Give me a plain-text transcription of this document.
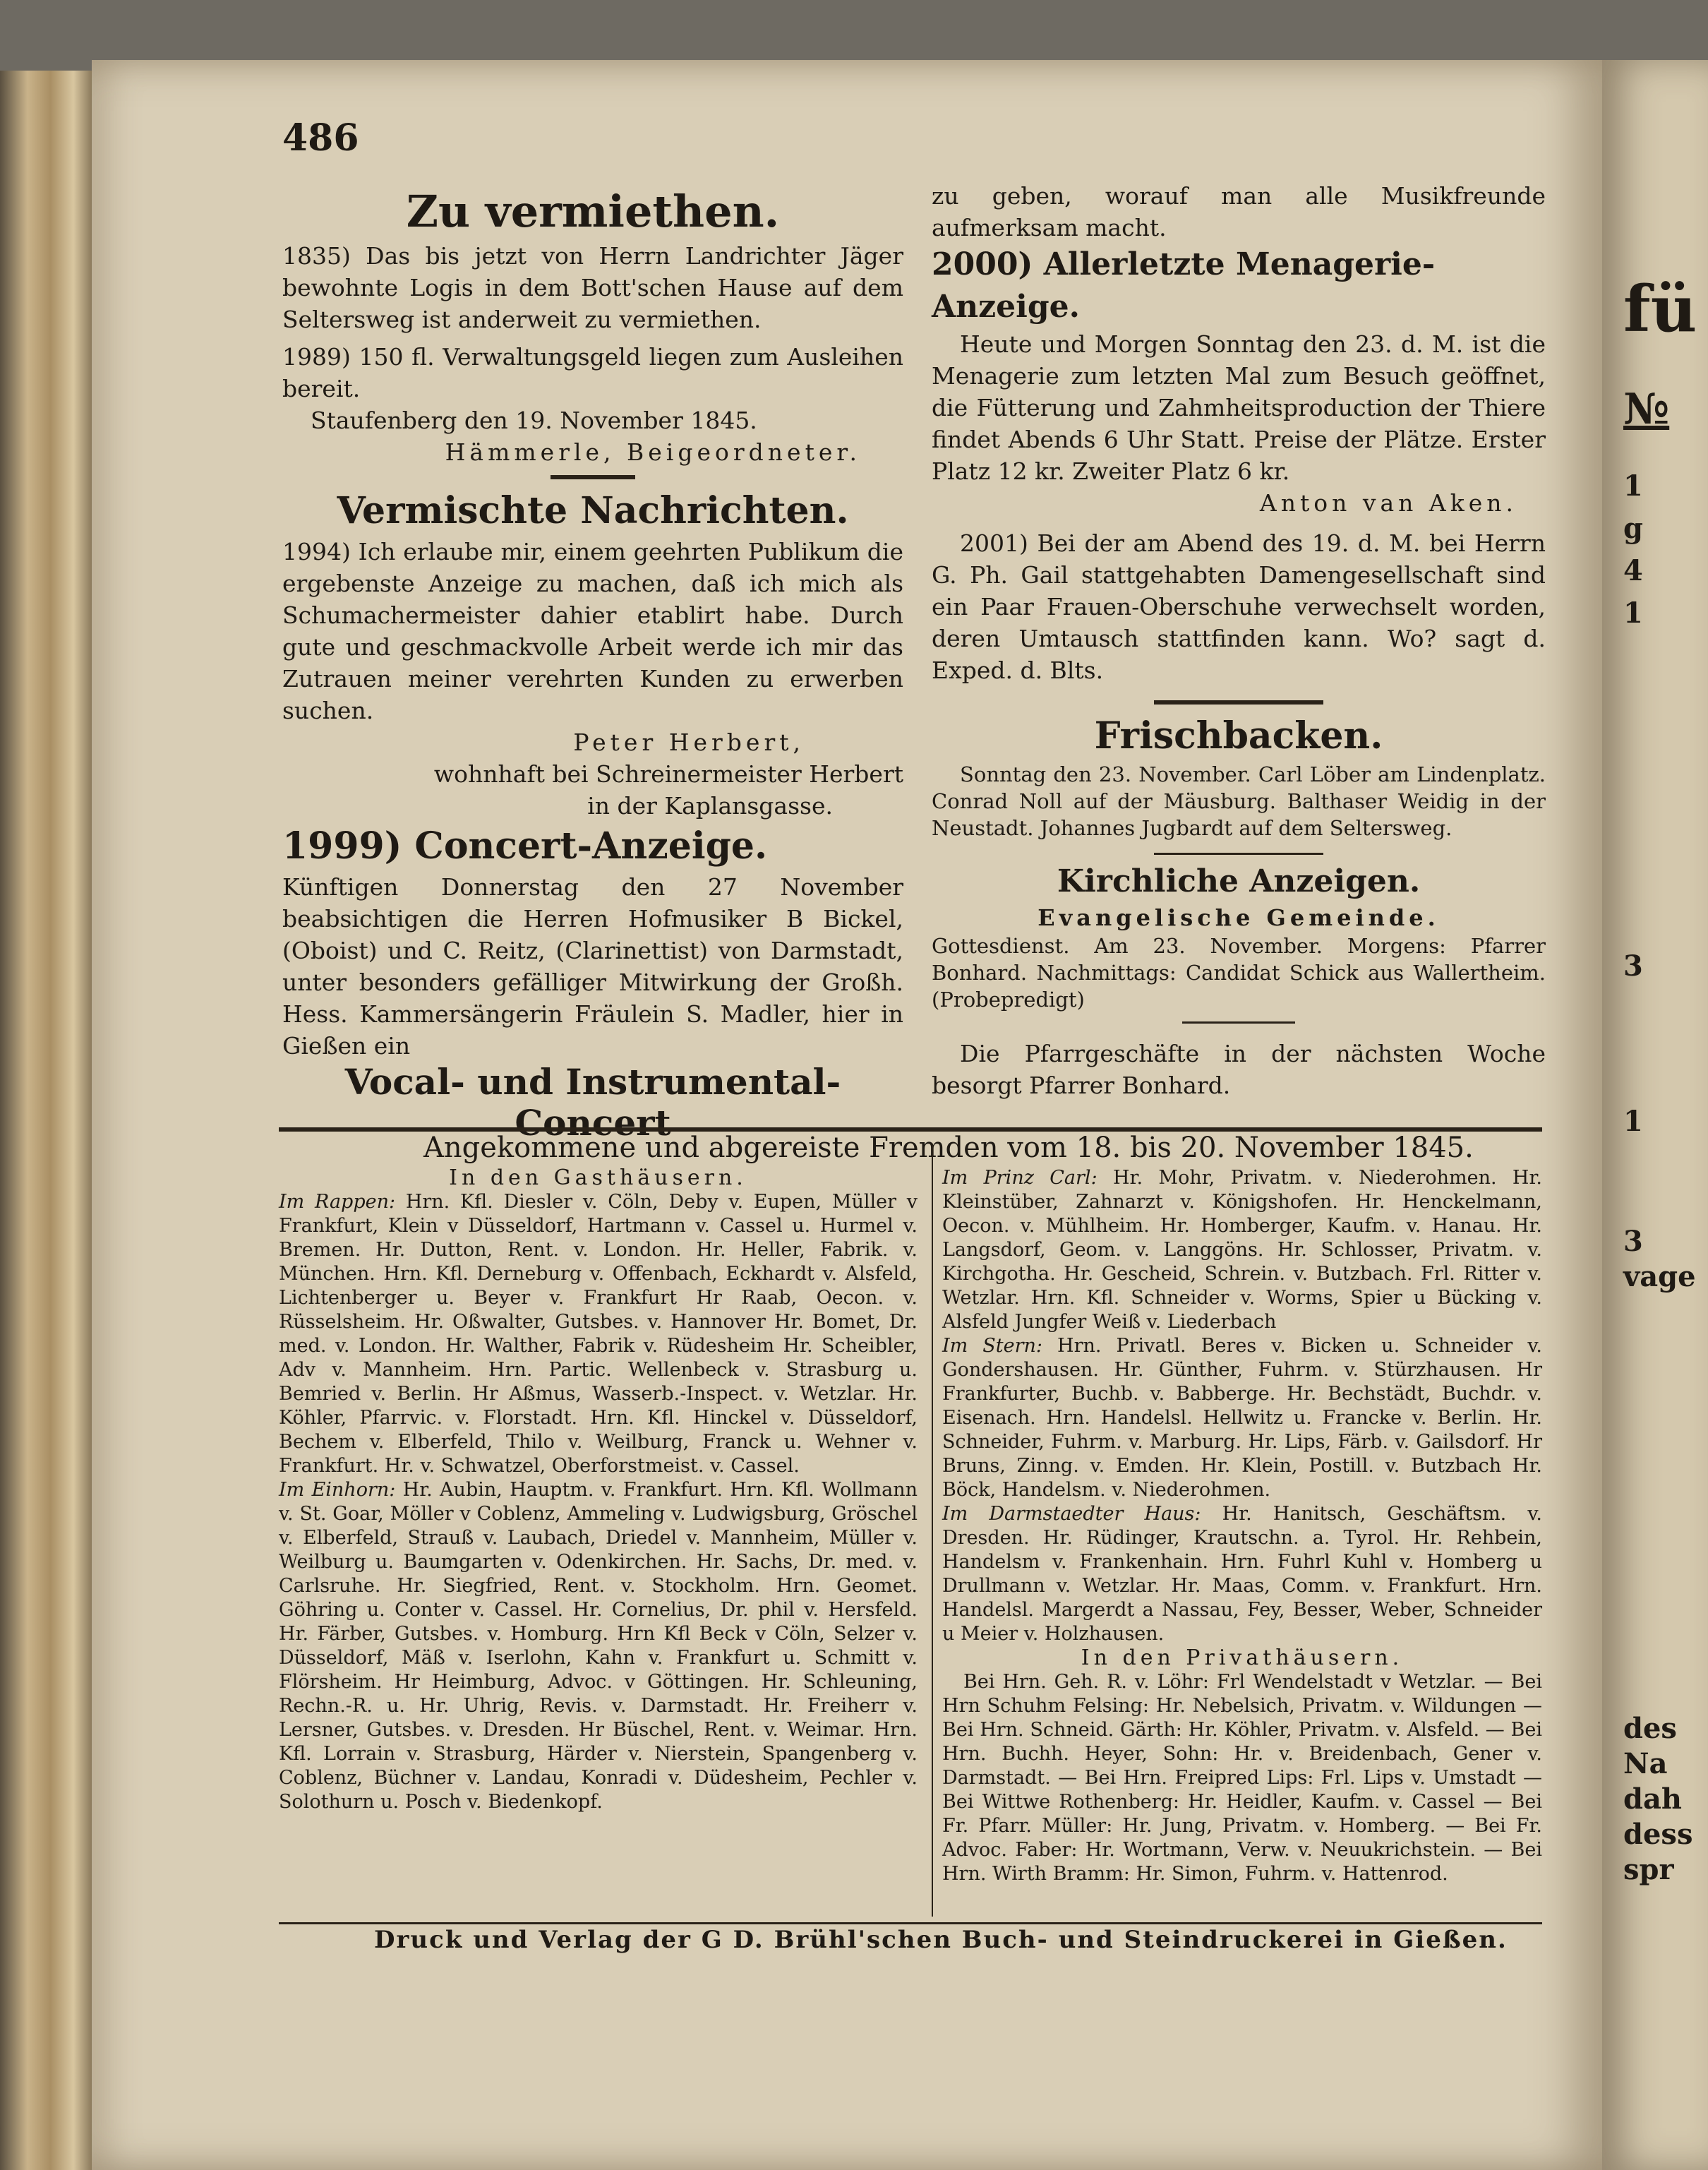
fü
№
1
g
4
1
3
1
3
vage
des
Na
dah
dess
spr
486

Zu vermiethen.

1835) Das bis jetzt von Herrn Landrichter Jäger bewohnte Logis in dem Bott'schen Hause auf dem Seltersweg ist anderweit zu vermiethen.

1989) 150 fl. Verwaltungsgeld liegen zum Ausleihen bereit.

Staufenberg den 19. November 1845.

Hämmerle, Beigeordneter.

Vermischte Nachrichten.

1994) Ich erlaube mir, einem geehrten Publikum die ergebenste Anzeige zu machen, daß ich mich als Schumachermeister dahier etablirt habe. Durch gute und geschmackvolle Arbeit werde ich mir das Zutrauen meiner verehrten Kunden zu erwerben suchen.

Peter Herbert,

wohnhaft bei Schreinermeister Herbert

in der Kaplansgasse.

1999) Concert-Anzeige.

Künftigen Donnerstag den 27 November beabsichtigen die Herren Hofmusiker B Bickel, (Oboist) und C. Reitz, (Clarinettist) von Darmstadt, unter besonders gefälliger Mitwirkung der Großh. Hess. Kammersängerin Fräulein S. Madler, hier in Gießen ein

Vocal- und Instrumental-

Concert

zu geben, worauf man alle Musikfreunde aufmerksam macht.

2000) Allerletzte Menagerie-Anzeige.

Heute und Morgen Sonntag den 23. d. M. ist die Menagerie zum letzten Mal zum Besuch geöffnet, die Fütterung und Zahmheitsproduction der Thiere findet Abends 6 Uhr Statt. Preise der Plätze. Erster Platz 12 kr. Zweiter Platz 6 kr.

Anton van Aken.

2001) Bei der am Abend des 19. d. M. bei Herrn G. Ph. Gail stattgehabten Damengesellschaft sind ein Paar Frauen-Oberschuhe verwechselt worden, deren Umtausch stattfinden kann. Wo? sagt d. Exped. d. Blts.

Frischbacken.

Sonntag den 23. November. Carl Löber am Lindenplatz. Conrad Noll auf der Mäusburg. Balthaser Weidig in der Neustadt. Johannes Jugbardt auf dem Seltersweg.

Kirchliche Anzeigen.

Evangelische Gemeinde.

Gottesdienst. Am 23. November. Morgens: Pfarrer Bonhard. Nachmittags: Candidat Schick aus Wallertheim. (Probepredigt)

Die Pfarrgeschäfte in der nächsten Woche besorgt Pfarrer Bonhard.

Angekommene und abgereiste Fremden vom 18. bis 20. November 1845.

In den Gasthäusern.

Im Rappen: Hrn. Kfl. Diesler v. Cöln, Deby v. Eupen, Müller v Frankfurt, Klein v Düsseldorf, Hartmann v. Cassel u. Hurmel v. Bremen. Hr. Dutton, Rent. v. London. Hr. Heller, Fabrik. v. München. Hrn. Kfl. Derneburg v. Offenbach, Eckhardt v. Alsfeld, Lichtenberger u. Beyer v. Frankfurt Hr Raab, Oecon. v. Rüsselsheim. Hr. Oßwalter, Gutsbes. v. Hannover Hr. Bomet, Dr. med. v. London. Hr. Walther, Fabrik v. Rüdesheim Hr. Scheibler, Adv v. Mannheim. Hrn. Partic. Wellenbeck v. Strasburg u. Bemried v. Berlin. Hr Aßmus, Wasserb.-Inspect. v. Wetzlar. Hr. Köhler, Pfarrvic. v. Florstadt. Hrn. Kfl. Hinckel v. Düsseldorf, Bechem v. Elberfeld, Thilo v. Weilburg, Franck u. Wehner v. Frankfurt. Hr. v. Schwatzel, Oberforstmeist. v. Cassel.

Im Einhorn: Hr. Aubin, Hauptm. v. Frankfurt. Hrn. Kfl. Wollmann v. St. Goar, Möller v Coblenz, Ammeling v. Ludwigsburg, Gröschel v. Elberfeld, Strauß v. Laubach, Driedel v. Mannheim, Müller v. Weilburg u. Baumgarten v. Odenkirchen. Hr. Sachs, Dr. med. v. Carlsruhe. Hr. Siegfried, Rent. v. Stockholm. Hrn. Geomet. Göhring u. Conter v. Cassel. Hr. Cornelius, Dr. phil v. Hersfeld. Hr. Färber, Gutsbes. v. Homburg. Hrn Kfl Beck v Cöln, Selzer v. Düsseldorf, Mäß v. Iserlohn, Kahn v. Frankfurt u. Schmitt v. Flörsheim. Hr Heimburg, Advoc. v Göttingen. Hr. Schleuning, Rechn.-R. u. Hr. Uhrig, Revis. v. Darmstadt. Hr. Freiherr v. Lersner, Gutsbes. v. Dresden. Hr Büschel, Rent. v. Weimar. Hrn. Kfl. Lorrain v. Strasburg, Härder v. Nierstein, Spangenberg v. Coblenz, Büchner v. Landau, Konradi v. Düdesheim, Pechler v. Solothurn u. Posch v. Biedenkopf.

Im Prinz Carl: Hr. Mohr, Privatm. v. Niederohmen. Hr. Kleinstüber, Zahnarzt v. Königshofen. Hr. Henckelmann, Oecon. v. Mühlheim. Hr. Homberger, Kaufm. v. Hanau. Hr. Langsdorf, Geom. v. Langgöns. Hr. Schlosser, Privatm. v. Kirchgotha. Hr. Gescheid, Schrein. v. Butzbach. Frl. Ritter v. Wetzlar. Hrn. Kfl. Schneider v. Worms, Spier u Bücking v. Alsfeld Jungfer Weiß v. Liederbach

Im Stern: Hrn. Privatl. Beres v. Bicken u. Schneider v. Gondershausen. Hr. Günther, Fuhrm. v. Stürzhausen. Hr Frankfurter, Buchb. v. Babberge. Hr. Bechstädt, Buchdr. v. Eisenach. Hrn. Handelsl. Hellwitz u. Francke v. Berlin. Hr. Schneider, Fuhrm. v. Marburg. Hr. Lips, Färb. v. Gailsdorf. Hr Bruns, Zinng. v. Emden. Hr. Klein, Postill. v. Butzbach Hr. Böck, Handelsm. v. Niederohmen.

Im Darmstaedter Haus: Hr. Hanitsch, Geschäftsm. v. Dresden. Hr. Rüdinger, Krautschn. a. Tyrol. Hr. Rehbein, Handelsm v. Frankenhain. Hrn. Fuhrl Kuhl v. Homberg u Drullmann v. Wetzlar. Hr. Maas, Comm. v. Frankfurt. Hrn. Handelsl. Margerdt a Nassau, Fey, Besser, Weber, Schneider u Meier v. Holzhausen.

In den Privathäusern.

Bei Hrn. Geh. R. v. Löhr: Frl Wendelstadt v Wetzlar. — Bei Hrn Schuhm Felsing: Hr. Nebelsich, Privatm. v. Wildungen — Bei Hrn. Schneid. Gärth: Hr. Köhler, Privatm. v. Alsfeld. — Bei Hrn. Buchh. Heyer, Sohn: Hr. v. Breidenbach, Gener v. Darmstadt. — Bei Hrn. Freipred Lips: Frl. Lips v. Umstadt — Bei Wittwe Rothenberg: Hr. Heidler, Kaufm. v. Cassel — Bei Fr. Pfarr. Müller: Hr. Jung, Privatm. v. Homberg. — Bei Fr. Advoc. Faber: Hr. Wortmann, Verw. v. Neuukrichstein. — Bei Hrn. Wirth Bramm: Hr. Simon, Fuhrm. v. Hattenrod.

Druck und Verlag der G D. Brühl'schen Buch- und Steindruckerei in Gießen.
